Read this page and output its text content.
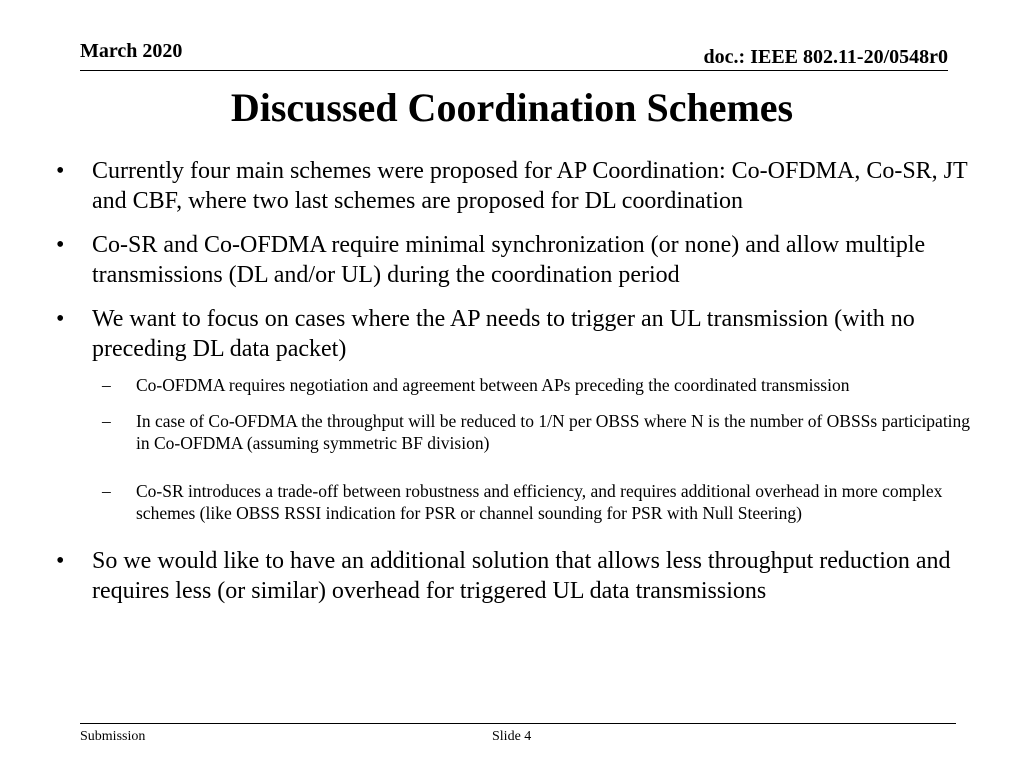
March 2020	doc.: IEEE 802.11-20/0548r0
Discussed Coordination Schemes
• Currently four main schemes were proposed for AP Coordination: Co-OFDMA, Co-SR, JT and CBF, where two last schemes are proposed for DL coordination
• Co-SR and Co-OFDMA require minimal synchronization (or none) and allow multiple transmissions (DL and/or UL) during the coordination period
• We want to focus on cases where the AP needs to trigger an UL transmission (with no preceding DL data packet)
– Co-OFDMA requires negotiation and agreement between APs preceding the coordinated transmission
– In case of Co-OFDMA the throughput will be reduced to 1/N per OBSS where N is the number of OBSSs participating in Co-OFDMA (assuming symmetric BF division)
– Co-SR introduces a trade-off between robustness and efficiency, and requires additional overhead in more complex schemes (like OBSS RSSI indication for PSR or channel sounding for PSR with Null Steering)
• So we would like to have an additional solution that allows less throughput reduction and requires less (or similar) overhead for triggered UL data transmissions
Submission	Slide 4
